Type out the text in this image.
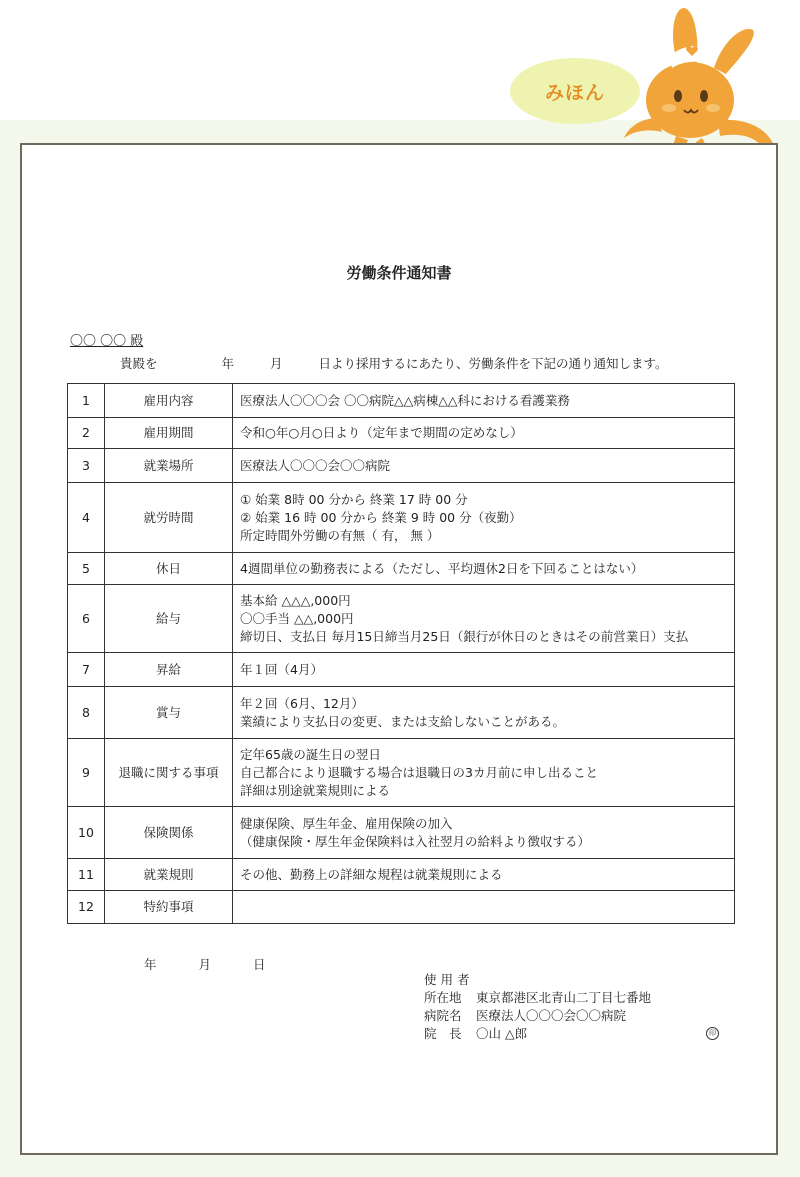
みほん
労働条件通知書
〇〇 〇〇 殿
貴殿を	年	月	日より採用するにあたり、労働条件を下記の通り通知します。
1	雇用内容	医療法人〇〇〇会 〇〇病院△△病棟△△科における看護業務

2	雇用期間	令和○年○月○日より（定年まで期間の定めなし）

3	就業場所	医療法人〇〇〇会〇〇病院

4	就労時間	① 始業 8時 00 分から 終業 17 時 00 分
② 始業 16 時 00 分から 終業 9 時 00 分（夜勤）
所定時間外労働の有無（ 有， 無 ）

5	休日	4週間単位の勤務表による（ただし、平均週休2日を下回ることはない）

6	給与	基本給 △△△,000円
〇〇手当 △△,000円
締切日、支払日 毎月15日締当月25日（銀行が休日のときはその前営業日）支払

7	昇給	年１回（4月）

8	賞与	年２回（6月、12月）
業績により支払日の変更、または支給しないことがある。

9	退職に関する事項	定年65歳の誕生日の翌日
自己都合により退職する場合は退職日の3カ月前に申し出ること
詳細は別途就業規則による

10	保険関係	健康保険、厚生年金、雇用保険の加入
（健康保険・厚生年金保険料は入社翌月の給料より徴収する）

11	就業規則	その他、勤務上の詳細な規程は就業規則による

12	特約事項	
年	月	日
使 用 者
所在地	東京都港区北青山二丁目七番地
病院名	医療法人〇〇〇会〇〇病院
院　長	〇山 △郎	印
